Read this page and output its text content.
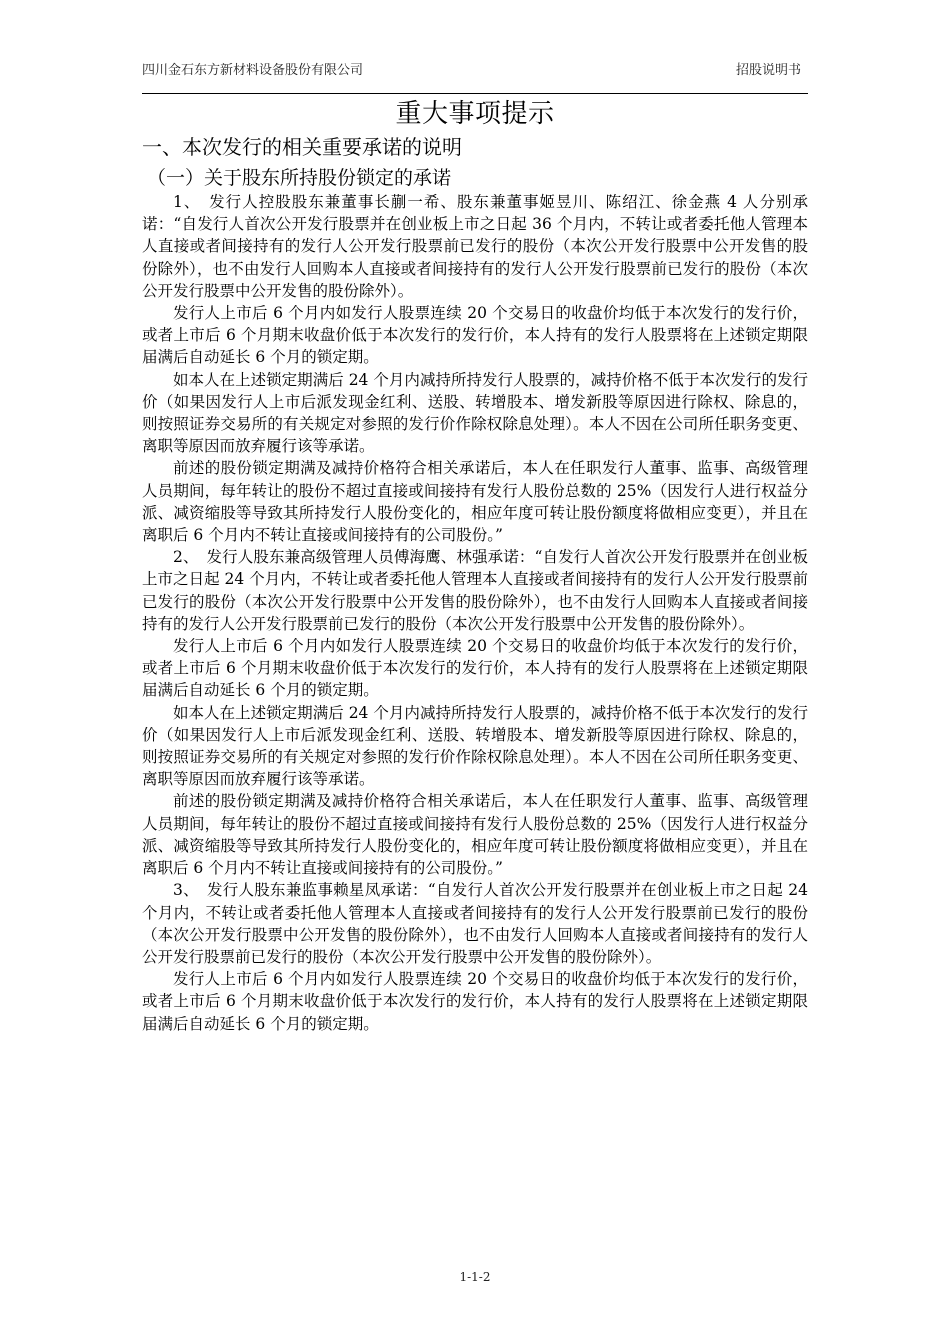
四川金石东方新材料设备股份有限公司	招股说明书
重大事项提示
一、本次发行的相关重要承诺的说明
（一）关于股东所持股份锁定的承诺

1、　发行人控股股东兼董事长蒯一希、股东兼董事姬昱川、陈绍江、徐金燕 4 人分别承诺：“自发行人首次公开发行股票并在创业板上市之日起 36 个月内，不转让或者委托他人管理本人直接或者间接持有的发行人公开发行股票前已发行的股份（本次公开发行股票中公开发售的股份除外），也不由发行人回购本人直接或者间接持有的发行人公开发行股票前已发行的股份（本次公开发行股票中公开发售的股份除外）。

发行人上市后 6 个月内如发行人股票连续 20 个交易日的收盘价均低于本次发行的发行价，或者上市后 6 个月期末收盘价低于本次发行的发行价，本人持有的发行人股票将在上述锁定期限届满后自动延长 6 个月的锁定期。

如本人在上述锁定期满后 24 个月内减持所持发行人股票的，减持价格不低于本次发行的发行价（如果因发行人上市后派发现金红利、送股、转增股本、增发新股等原因进行除权、除息的，则按照证券交易所的有关规定对参照的发行价作除权除息处理）。本人不因在公司所任职务变更、离职等原因而放弃履行该等承诺。

前述的股份锁定期满及减持价格符合相关承诺后，本人在任职发行人董事、监事、高级管理人员期间，每年转让的股份不超过直接或间接持有发行人股份总数的 25%（因发行人进行权益分派、减资缩股等导致其所持发行人股份变化的，相应年度可转让股份额度将做相应变更），并且在离职后 6 个月内不转让直接或间接持有的公司股份。”

2、　发行人股东兼高级管理人员傅海鹰、林强承诺：“自发行人首次公开发行股票并在创业板上市之日起 24 个月内，不转让或者委托他人管理本人直接或者间接持有的发行人公开发行股票前已发行的股份（本次公开发行股票中公开发售的股份除外），也不由发行人回购本人直接或者间接持有的发行人公开发行股票前已发行的股份（本次公开发行股票中公开发售的股份除外）。

发行人上市后 6 个月内如发行人股票连续 20 个交易日的收盘价均低于本次发行的发行价，或者上市后 6 个月期末收盘价低于本次发行的发行价，本人持有的发行人股票将在上述锁定期限届满后自动延长 6 个月的锁定期。

如本人在上述锁定期满后 24 个月内减持所持发行人股票的，减持价格不低于本次发行的发行价（如果因发行人上市后派发现金红利、送股、转增股本、增发新股等原因进行除权、除息的，则按照证券交易所的有关规定对参照的发行价作除权除息处理）。本人不因在公司所任职务变更、离职等原因而放弃履行该等承诺。

前述的股份锁定期满及减持价格符合相关承诺后，本人在任职发行人董事、监事、高级管理人员期间，每年转让的股份不超过直接或间接持有发行人股份总数的 25%（因发行人进行权益分派、减资缩股等导致其所持发行人股份变化的，相应年度可转让股份额度将做相应变更），并且在离职后 6 个月内不转让直接或间接持有的公司股份。”

3、　发行人股东兼监事赖星凤承诺：“自发行人首次公开发行股票并在创业板上市之日起 24 个月内，不转让或者委托他人管理本人直接或者间接持有的发行人公开发行股票前已发行的股份（本次公开发行股票中公开发售的股份除外），也不由发行人回购本人直接或者间接持有的发行人公开发行股票前已发行的股份（本次公开发行股票中公开发售的股份除外）。

发行人上市后 6 个月内如发行人股票连续 20 个交易日的收盘价均低于本次发行的发行价，或者上市后 6 个月期末收盘价低于本次发行的发行价，本人持有的发行人股票将在上述锁定期限届满后自动延长 6 个月的锁定期。

1-1-2
